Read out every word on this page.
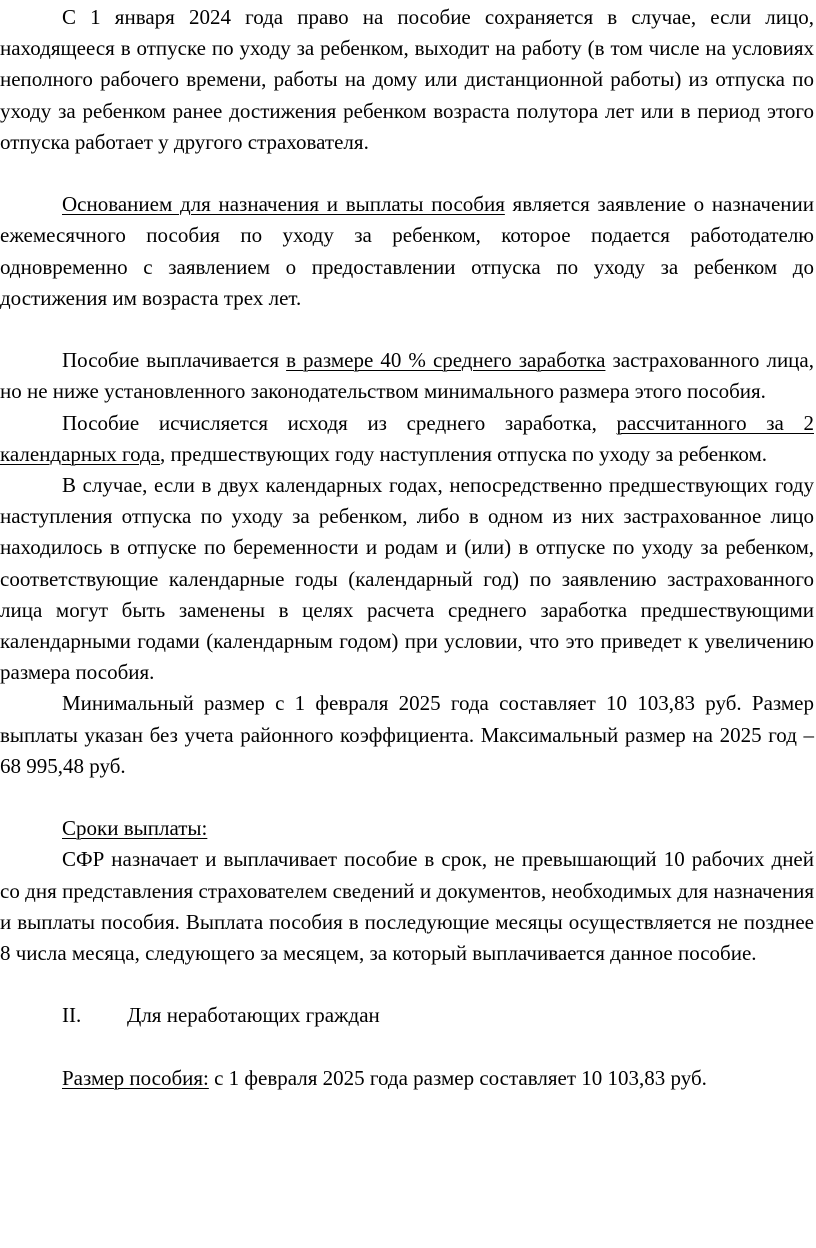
С 1 января 2024 года право на пособие сохраняется в случае, если лицо, находящееся в отпуске по уходу за ребенком, выходит на работу (в том числе на условиях неполного рабочего времени, работы на дому или дистанционной работы) из отпуска по уходу за ребенком ранее достижения ребенком возраста полутора лет или в период этого отпуска работает у другого страхователя.

Основанием для назначения и выплаты пособия является заявление о назначении ежемесячного пособия по уходу за ребенком, которое подается работодателю одновременно с заявлением о предоставлении отпуска по уходу за ребенком до достижения им возраста трех лет.

Пособие выплачивается в размере 40 % среднего заработка застрахованного лица, но не ниже установленного законодательством минимального размера этого пособия.

Пособие исчисляется исходя из среднего заработка, рассчитанного за 2 календарных года, предшествующих году наступления отпуска по уходу за ребенком.

В случае, если в двух календарных годах, непосредственно предшествующих году наступления отпуска по уходу за ребенком, либо в одном из них застрахованное лицо находилось в отпуске по беременности и родам и (или) в отпуске по уходу за ребенком, соответствующие календарные годы (календарный год) по заявлению застрахованного лица могут быть заменены в целях расчета среднего заработка предшествующими календарными годами (календарным годом) при условии, что это приведет к увеличению размера пособия.

Минимальный размер с 1 февраля 2025 года составляет 10 103,83 руб. Размер выплаты указан без учета районного коэффициента. Максимальный размер на 2025 год – 68 995,48 руб.

Сроки выплаты:

СФР назначает и выплачивает пособие в срок, не превышающий 10 рабочих дней со дня представления страхователем сведений и документов, необходимых для назначения и выплаты пособия. Выплата пособия в последующие месяцы осуществляется не позднее 8 числа месяца, следующего за месяцем, за который выплачивается данное пособие.

II.	Для неработающих граждан

Размер пособия: с 1 февраля 2025 года размер составляет 10 103,83 руб.
